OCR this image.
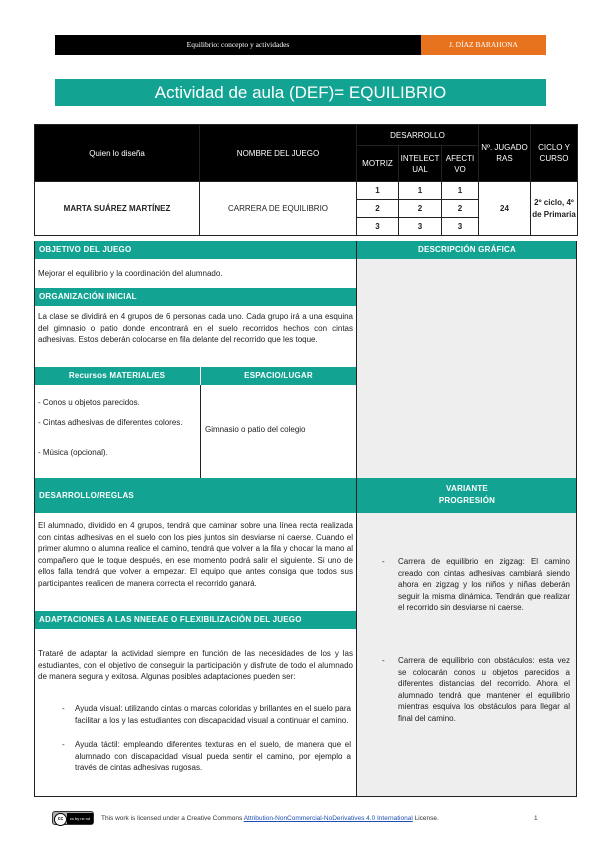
Equilibrio: concepto y actividades	J. DÍAZ BARAHONA
Actividad de aula (DEF)= EQUILIBRIO
Quien lo diseña	NOMBRE DEL JUEGO	DESARROLLO			Nº. JUGADO RAS	CICLO Y CURSO
		MOTRIZ	INTELECT UAL	AFECTI VO		
MARTA SUÁREZ MARTÍNEZ	CARRERA DE EQUILIBRIO	1	1	1	24	2º ciclo, 4º de Primaria
		2	2	2		
		3	3	3		
OBJETIVO DEL JUEGO	DESCRIPCIÓN GRÁFICA
Mejorar el equilibrio y la coordinación del alumnado.
ORGANIZACIÓN INICIAL
La clase se dividirá en 4 grupos de 6 personas cada uno. Cada grupo irá a una esquina del gimnasio o patio donde encontrará en el suelo recorridos hechos con cintas adhesivas. Estos deberán colocarse en fila delante del recorrido que les toque.
Recursos MATERIAL/ES	ESPACIO/LUGAR
- Conos u objetos parecidos.
- Cintas adhesivas de diferentes colores.
- Música (opcional).
Gimnasio o patio del colegio
DESARROLLO/REGLAS
VARIANTE
PROGRESIÓN
El alumnado, dividido en 4 grupos, tendrá que caminar sobre una línea recta realizada con cintas adhesivas en el suelo con los pies juntos sin desviarse ni caerse. Cuando el primer alumno o alumna realice el camino, tendrá que volver a la fila y chocar la mano al compañero que le toque después, en ese momento podrá salir el siguiente. Si uno de ellos falla tendrá que volver a empezar. El equipo que antes consiga que todos sus participantes realicen de manera correcta el recorrido ganará.
ADAPTACIONES A LAS NNEEAE O FLEXIBILIZACIÓN DEL JUEGO
Trataré de adaptar la actividad siempre en función de las necesidades de los y las estudiantes, con el objetivo de conseguir la participación y disfrute de todo el alumnado de manera segura y exitosa. Algunas posibles adaptaciones pueden ser:
- Ayuda visual: utilizando cintas o marcas coloridas y brillantes en el suelo para facilitar a los y las estudiantes con discapacidad visual a continuar el camino.
- Ayuda táctil: empleando diferentes texturas en el suelo, de manera que el alumnado con discapacidad visual pueda sentir el camino, por ejemplo a través de cintas adhesivas rugosas.
- Carrera de equilibrio en zigzag: El camino creado con cintas adhesivas cambiará siendo ahora en zigzag y los niños y niñas deberán seguir la misma dinámica. Tendrán que realizar el recorrido sin desviarse ni caerse.
- Carrera de equilibrio con obstáculos: esta vez se colocarán conos u objetos parecidos a diferentes distancias del recorrido. Ahora el alumnado tendrá que mantener el equilibrio mientras esquiva los obstáculos para llegar al final del camino.
cc	cc by nc nd	This work is licensed under a Creative Commons Attribution-NonCommercial-NoDerivatives 4.0 International License.	1
